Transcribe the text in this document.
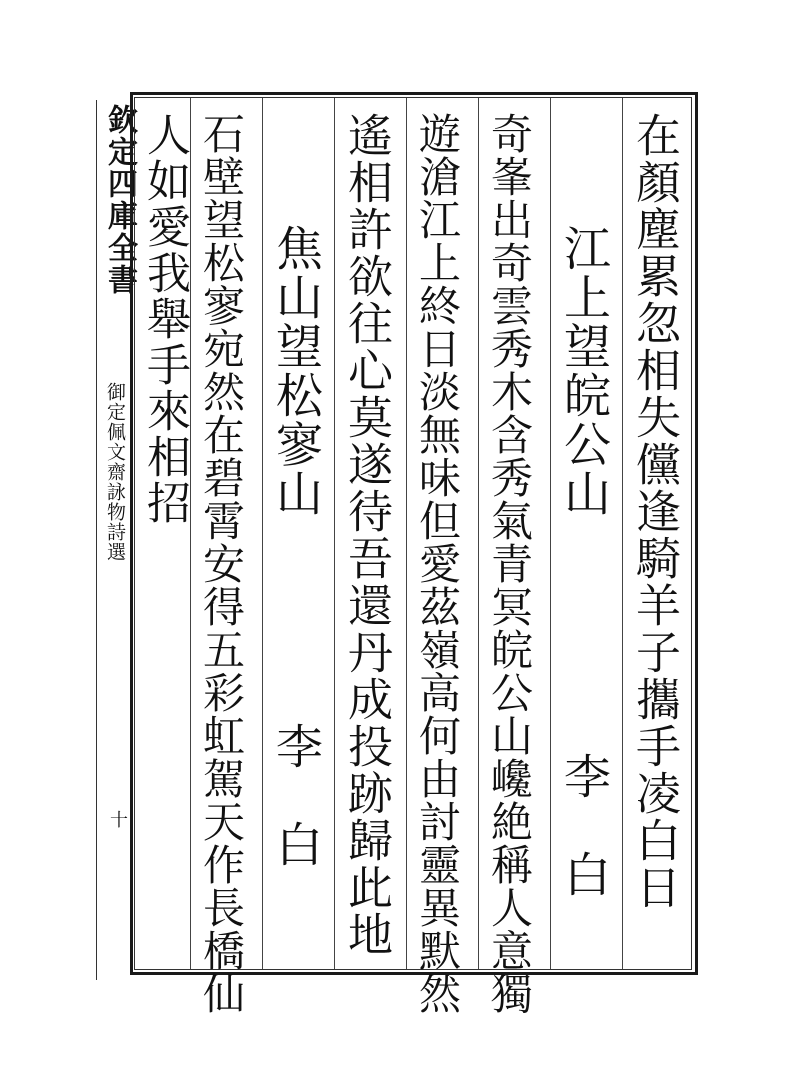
欽定四庫全書
御定佩文齋詠物詩選
十	在顏塵累忽相失儻逢騎羊子攜手凌白日
江上望皖公山
李　白
奇峯出奇雲秀木含秀氣青冥皖公山巉絶稱人意獨
遊滄江上終日淡無味但愛茲嶺高何由討靈異默然
遙相許欲往心莫遂待吾還丹成投跡歸此地
焦山望松寥山
李　白
石壁望松寥宛然在碧霄安得五彩虹駕天作長橋仙
人如愛我舉手來相招
